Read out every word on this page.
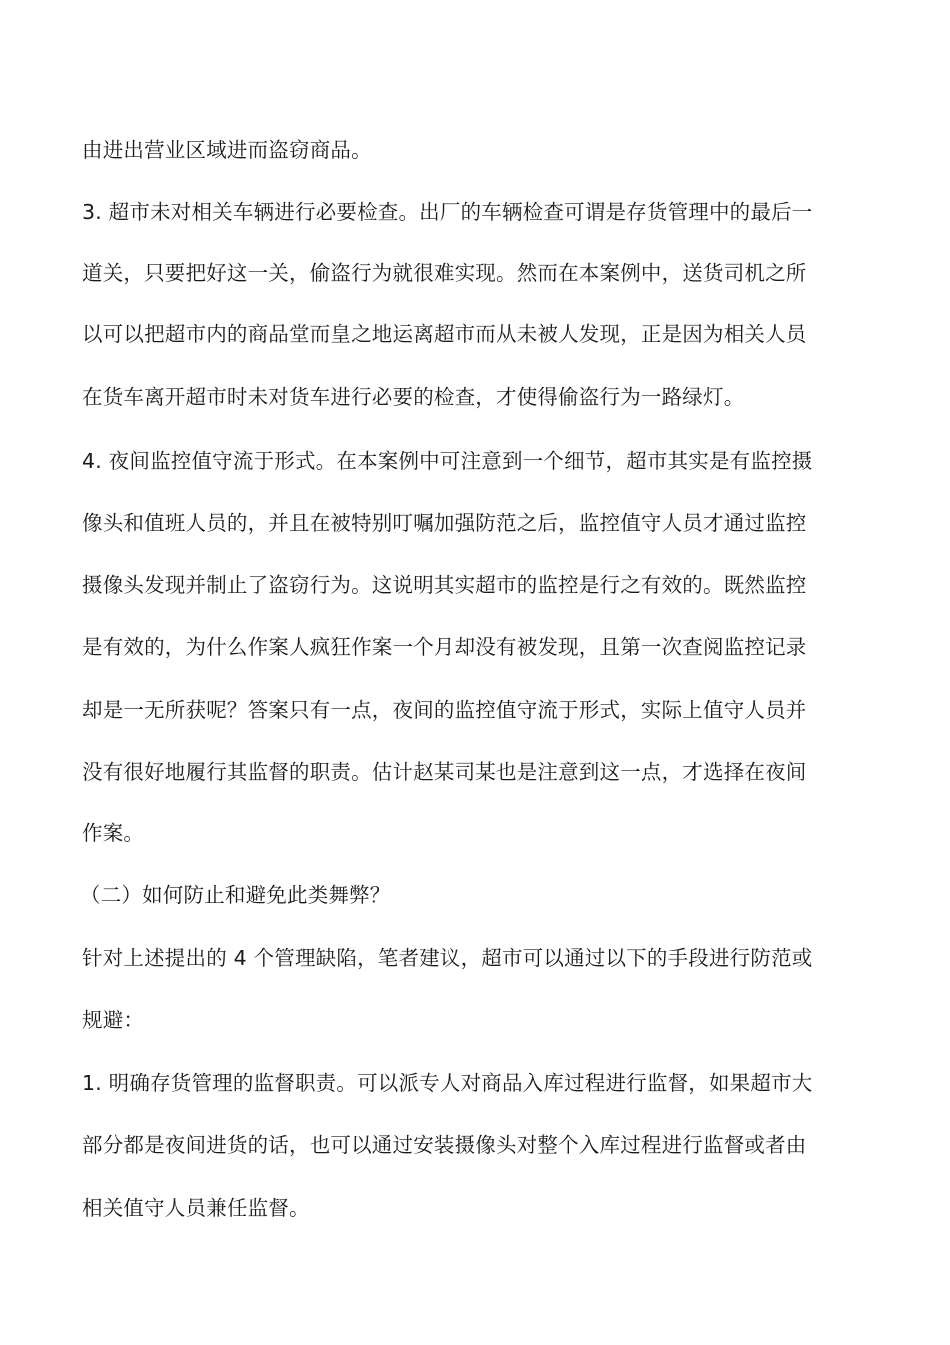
由进出营业区域进而盗窃商品。
3. 超市未对相关车辆进行必要检查。出厂的车辆检查可谓是存货管理中的最后一
道关，只要把好这一关，偷盗行为就很难实现。然而在本案例中，送货司机之所
以可以把超市内的商品堂而皇之地运离超市而从未被人发现，正是因为相关人员
在货车离开超市时未对货车进行必要的检查，才使得偷盗行为一路绿灯。
4. 夜间监控值守流于形式。在本案例中可注意到一个细节，超市其实是有监控摄
像头和值班人员的，并且在被特别叮嘱加强防范之后，监控值守人员才通过监控
摄像头发现并制止了盗窃行为。这说明其实超市的监控是行之有效的。既然监控
是有效的，为什么作案人疯狂作案一个月却没有被发现，且第一次查阅监控记录
却是一无所获呢？答案只有一点，夜间的监控值守流于形式，实际上值守人员并
没有很好地履行其监督的职责。估计赵某司某也是注意到这一点，才选择在夜间
作案。
（二）如何防止和避免此类舞弊？
针对上述提出的 4 个管理缺陷，笔者建议，超市可以通过以下的手段进行防范或
规避：
1. 明确存货管理的监督职责。可以派专人对商品入库过程进行监督，如果超市大
部分都是夜间进货的话，也可以通过安装摄像头对整个入库过程进行监督或者由
相关值守人员兼任监督。
